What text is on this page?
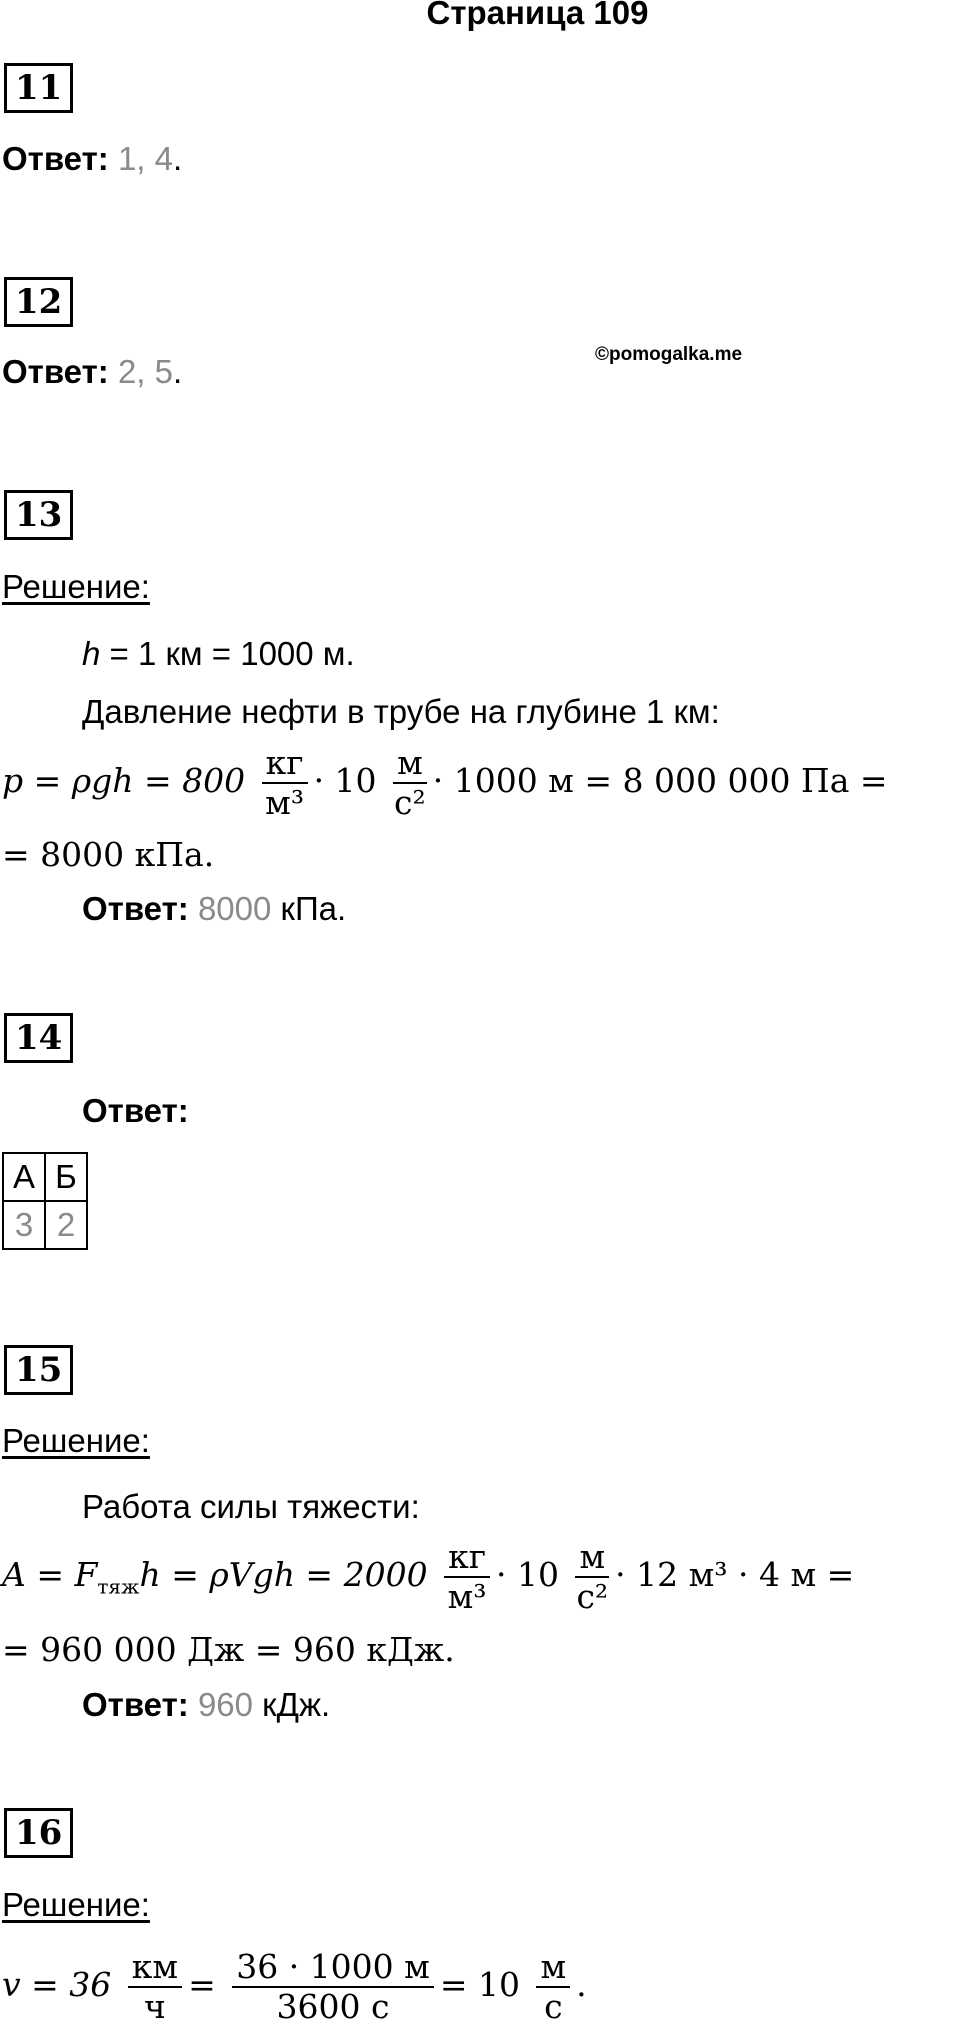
Страница 109
11
Ответ: 1, 4.
12
©pomogalka.me
Ответ: 2, 5.
13
Решение:
h = 1 км = 1000 м.
Давление нефти в трубе на глубине 1 км:
$p = \rho gh = 800 \frac{кг}{\text{м³}} \cdot 10 \frac{м}{\text{с²}} \cdot 1000$ м = 8 000 000 Па =
= 8000 кПа.
Ответ: 8000 кПа.
14
Ответ:
А	Б
3	2
15
Решение:
Работа силы тяжести:
$A = F_{тяж}h = \rho Vgh = 2000 \frac{кг}{\text{м³}} \cdot 10 \frac{м}{\text{с²}} \cdot 12$ м³ · 4 м =
= 960 000 Дж = 960 кДж.
Ответ: 960 кДж.
16
Решение:
$v = 36 \frac{км}{ч} = \frac{36 \cdot 1000 м}{3600 с} = 10 \frac{м}{с}$ .
